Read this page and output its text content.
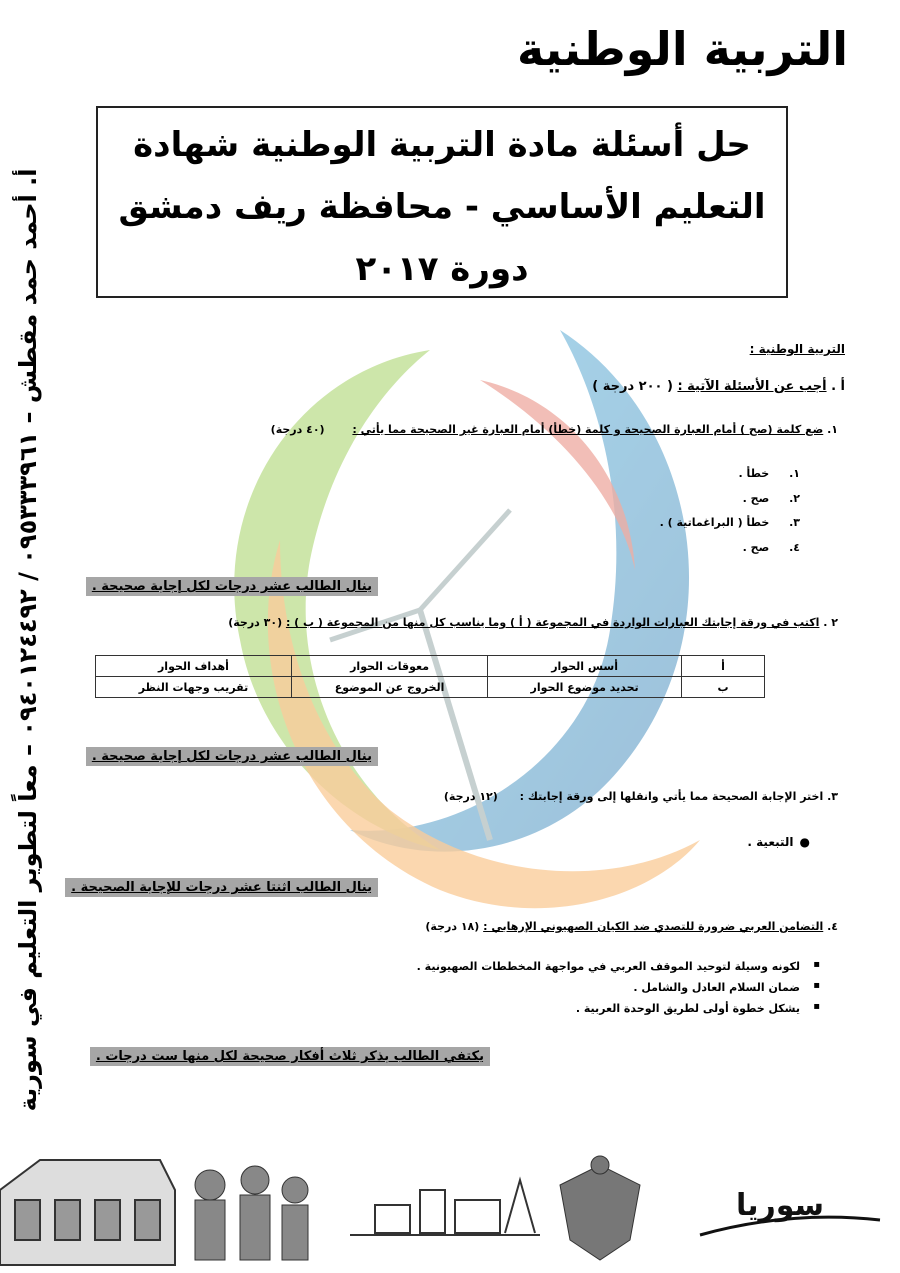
التربية الوطنية
حل أسئلة مادة التربية الوطنية شهادة
التعليم الأساسي - محافظة ريف دمشق
دورة ٢٠١٧
أ. أحمد حمد مقطش – ٠٩٥٣٣٣٩٦١ / ٠٩٤٠١٢٤٤٩٢ – معاً لتطوير التعليم في سورية	التربية الوطنية :
أ . أجب عن الأسئلة الآتية : ( ٢٠٠ درجة )
١. ضع كلمة (صح ) أمام العبارة الصحيحة و كلمة (خطأ) أمام العبارة غير الصحيحة مما يأتي : (٤٠ درجة)
١. خطأ .
٢. صح .
٣. خطأ ( البراغماتية ) .
٤. صح .
ينال الطالب عشر درجات لكل إجابة صحيحة .
٢ . اكتب في ورقة إجابتك العبارات الواردة في المجموعة ( أ ) وما يناسب كل منها من المجموعة ( ب ) : (٣٠ درجة)
أ	أسس الحوار	معوقات الحوار	أهداف الحوار
ب	تحديد موضوع الحوار	الخروج عن الموضوع	تقريب وجهات النظر
ينال الطالب عشر درجات لكل إجابة صحيحة .
٣. اختر الإجابة الصحيحة مما يأتي وانقلها إلى ورقة إجابتك : (١٢ درجة)
●التبعية .
ينال الطالب اثنتا عشر درجات للإجابة الصحيحة .
٤. التضامن العربي ضرورة للتصدي ضد الكيان الصهيوني الإرهابي : (١٨ درجة)
▪ لكونه وسيلة لتوحيد الموقف العربي في مواجهة المخططات الصهيونية .
▪ ضمان السلام العادل والشامل .
▪ يشكل خطوة أولى لطريق الوحدة العربية .
يكتفي الطالب بذكر ثلاث أفكار صحيحة لكل منها ست درجات .
سوريا
